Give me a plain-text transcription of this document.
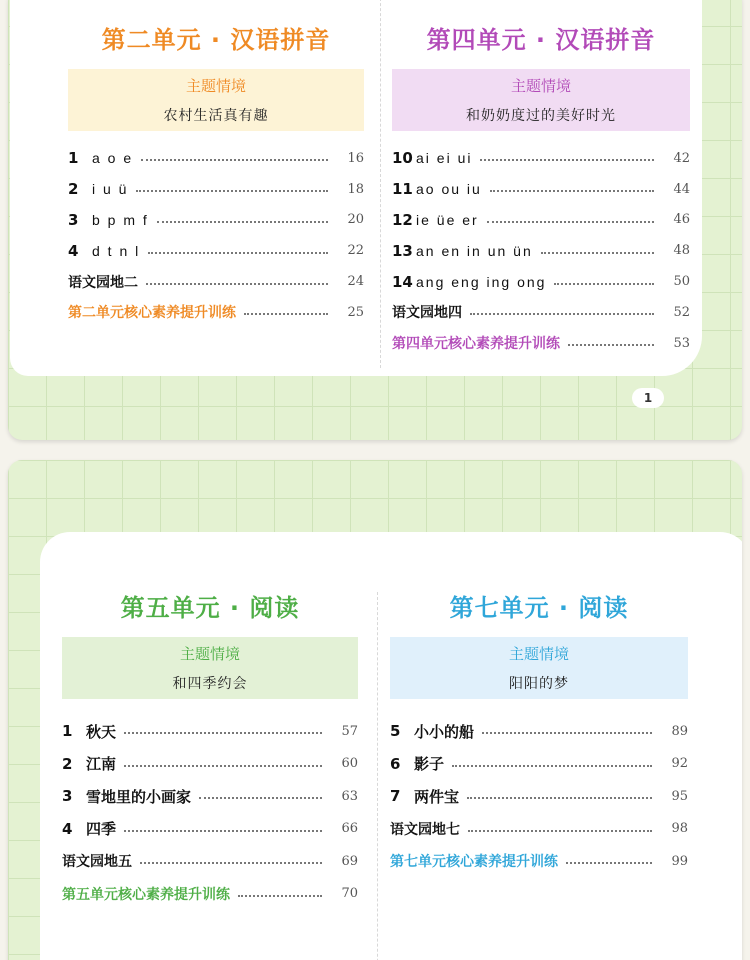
第二单元 · 汉语拼音
主题情境
农村生活真有趣
1 a o e	16
2 i u ü	18
3 b p m f	20
4 d t n l	22
语文园地二	24
第二单元核心素养提升训练	25
第四单元 · 汉语拼音
主题情境
和奶奶度过的美好时光
10 ai ei ui	42
11 ao ou iu	44
12 ie üe er	46
13 an en in un ün	48
14 ang eng ing ong	50
语文园地四	52
第四单元核心素养提升训练	53
1
第五单元 · 阅读
主题情境
和四季约会
1 秋天	57
2 江南	60
3 雪地里的小画家	63
4 四季	66
语文园地五	69
第五单元核心素养提升训练	70
第七单元 · 阅读
主题情境
阳阳的梦
5 小小的船	89
6 影子	92
7 两件宝	95
语文园地七	98
第七单元核心素养提升训练	99
